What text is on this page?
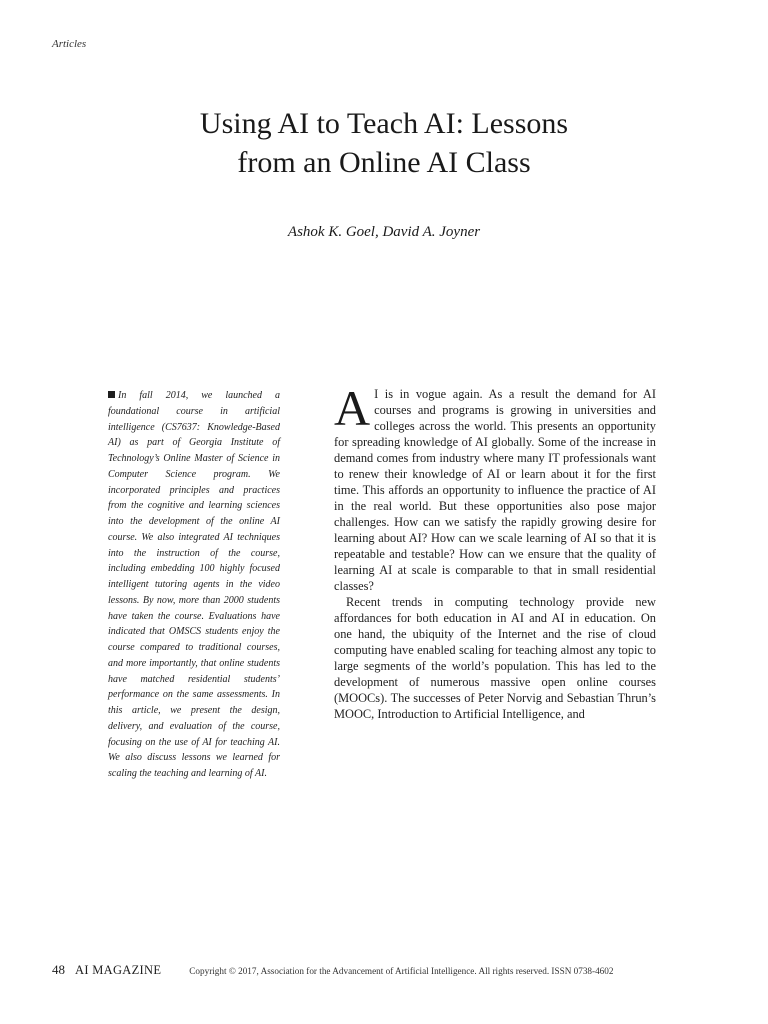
Articles
Using AI to Teach AI: Lessons
from an Online AI Class
Ashok K. Goel, David A. Joyner
In fall 2014, we launched a foundational course in artificial intelligence (CS7637: Knowledge-Based AI) as part of Georgia Institute of Technology’s Online Master of Science in Computer Science program. We incorporated principles and practices from the cognitive and learning sciences into the development of the online AI course. We also integrated AI techniques into the instruction of the course, including embedding 100 highly focused intelligent tutoring agents in the video lessons. By now, more than 2000 students have taken the course. Evaluations have indicated that OMSCS students enjoy the course compared to traditional courses, and more importantly, that online students have matched residential students’ performance on the same assessments. In this article, we present the design, delivery, and evaluation of the course, focusing on the use of AI for teaching AI. We also discuss lessons we learned for scaling the teaching and learning of AI.

A I is in vogue again. As a result the demand for AI courses and programs is growing in universities and colleges across the world. This presents an opportunity for spreading knowledge of AI globally. Some of the increase in demand comes from industry where many IT professionals want to renew their knowledge of AI or learn about it for the first time. This affords an opportunity to influence the practice of AI in the real world. But these opportunities also pose major challenges. How can we satisfy the rapidly growing desire for learning about AI? How can we scale learning of AI so that it is repeatable and testable? How can we ensure that the quality of learning AI at scale is comparable to that in small residential classes?

Recent trends in computing technology provide new affordances for both education in AI and AI in education. On one hand, the ubiquity of the Internet and the rise of cloud computing have enabled scaling for teaching almost any topic to large segments of the world’s population. This has led to the development of numerous massive open online courses (MOOCs). The successes of Peter Norvig and Sebastian Thrun’s MOOC, Introduction to Artificial Intelligence, and

48 AI MAGAZINE	Copyright © 2017, Association for the Advancement of Artificial Intelligence. All rights reserved. ISSN 0738-4602
